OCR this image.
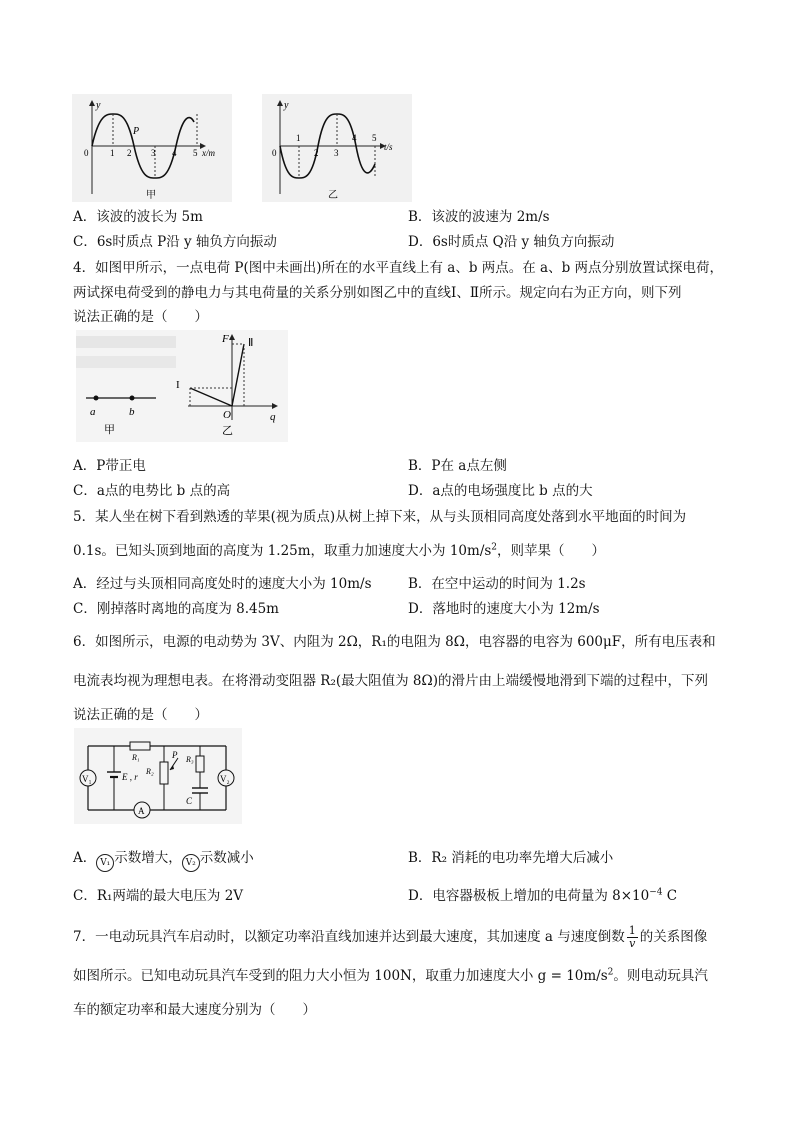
y
x/m
P
0 1 2 3 4 5
甲
y
t/s
0
1
2 3
4 5
乙
A．该波的波长为 5m	B．该波的波速为 2m/s
C．6s时质点 P沿 y 轴负方向振动	D．6s时质点 Q沿 y 轴负方向振动
4．如图甲所示，一点电荷 P(图中未画出)所在的水平直线上有 a、b 两点。在 a、b 两点分别放置试探电荷，
两试探电荷受到的静电力与其电荷量的关系分别如图乙中的直线Ⅰ、Ⅱ所示。规定向右为正方向，则下列
说法正确的是（　　）
a	b
甲
F
q
O
I
Ⅱ
乙
A．P带正电	B．P在 a点左侧
C．a点的电势比 b 点的高	D．a点的电场强度比 b 点的大
5．某人坐在树下看到熟透的苹果(视为质点)从树上掉下来，从与头顶相同高度处落到水平地面的时间为
0.1s。已知头顶到地面的高度为 1.25m，取重力加速度大小为 $10m/s^2$，则苹果（　　）
A．经过与头顶相同高度处时的速度大小为 10m/s	B．在空中运动的时间为 1.2s
C．刚掉落时离地的高度为 8.45m	D．落地时的速度大小为 12m/s
6．如图所示，电源的电动势为 3V、内阻为 2Ω，R₁的电阻为 8Ω，电容器的电容为 600μF，所有电压表和
电流表均视为理想电表。在将滑动变阻器 R₂(最大阻值为 8Ω)的滑片由上端缓慢地滑到下端的过程中，下列
说法正确的是（　　）
V₁	E , r
R₁	P
R₂
R₃
C
V₂
A
A． V₁ 示数增大， V₂ 示数减小	B．R₂ 消耗的电功率先增大后减小
C．R₁两端的最大电压为 2V	D．电容器极板上增加的电荷量为 $8\times 10^{-4}$ C
7．一电动玩具汽车启动时，以额定功率沿直线加速并达到最大速度，其加速度 a 与速度倒数 $\frac{1}{v}$ 的关系图像
如图所示。已知电动玩具汽车受到的阻力大小恒为 100N，取重力加速度大小 $g = 10m/s^2$。则电动玩具汽
车的额定功率和最大速度分别为（　　）
